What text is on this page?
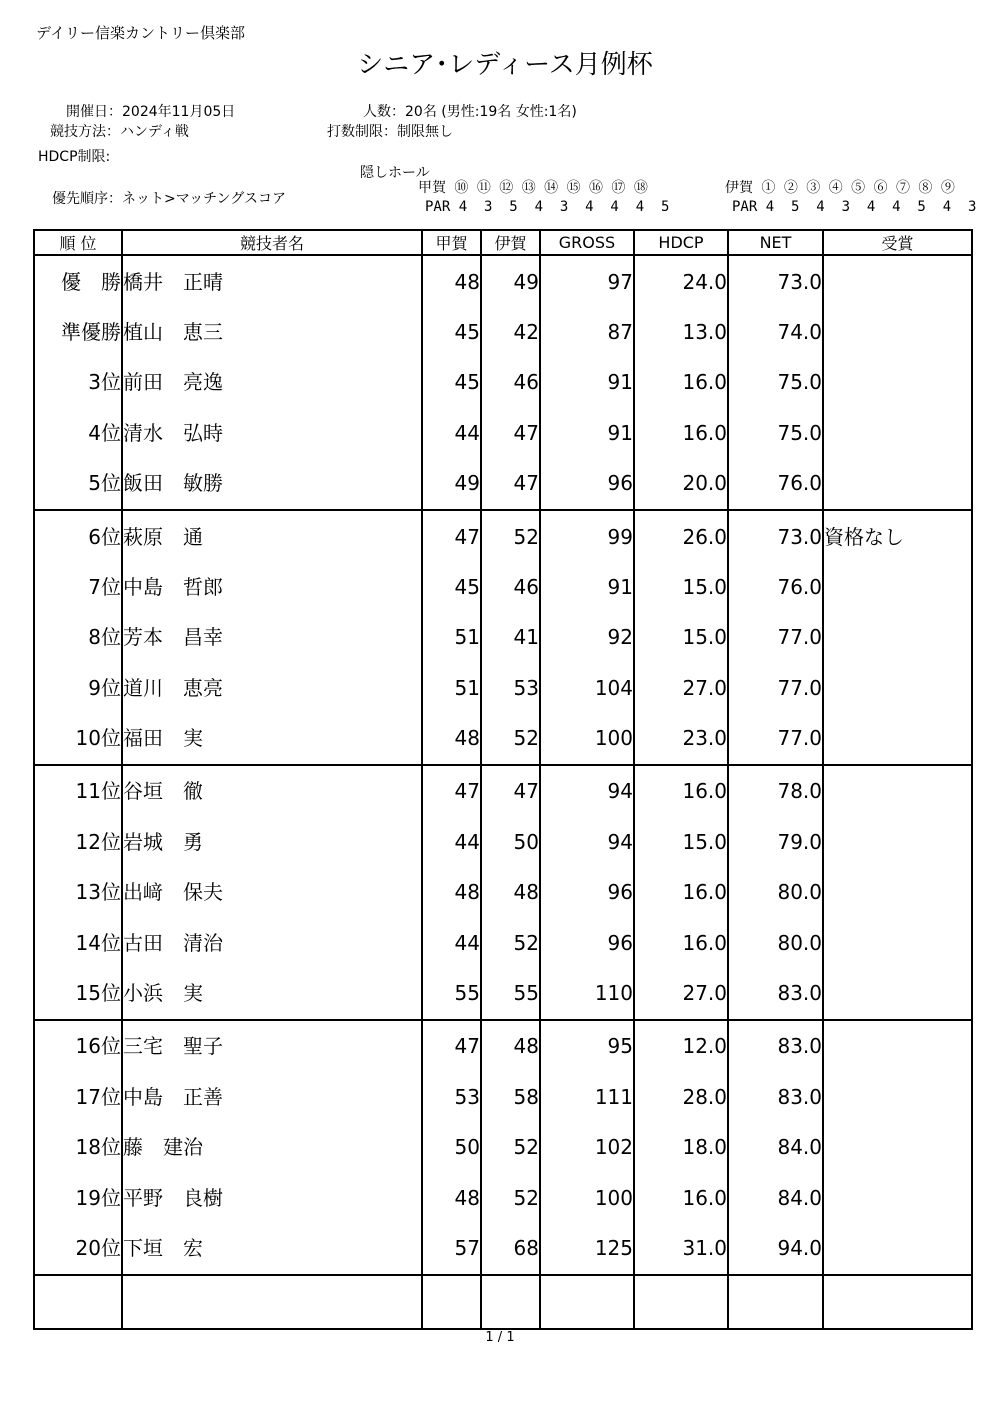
デイリー信楽カントリー倶楽部
シニア･レディース月例杯
開催日： 2024年11月05日
競技方法： ハンディ戦
HDCP制限:
優先順序： ネット>マッチングスコア
人数： 20名 (男性:19名 女性:1名)
打数制限： 制限無し
隠しホール
甲賀 ⑩ ⑪ ⑫ ⑬ ⑭ ⑮ ⑯ ⑰ ⑱
PAR 4  3  5  4  3  4  4  4  5
伊賀 ① ② ③ ④ ⑤ ⑥ ⑦ ⑧ ⑨
PAR 4  5  4  3  4  4  5  4  3
順 位	競技者名	甲賀	伊賀	GROSS	HDCP	NET	受賞
優　勝	橋井　正晴	48	49	97	24.0	73.0	
準優勝	植山　恵三	45	42	87	13.0	74.0	
3位	前田　亮逸	45	46	91	16.0	75.0	
4位	清水　弘時	44	47	91	16.0	75.0	
5位	飯田　敏勝	49	47	96	20.0	76.0	
6位	萩原　通	47	52	99	26.0	73.0	資格なし
7位	中島　哲郎	45	46	91	15.0	76.0	
8位	芳本　昌幸	51	41	92	15.0	77.0	
9位	道川　恵亮	51	53	104	27.0	77.0	
10位	福田　実	48	52	100	23.0	77.0	
11位	谷垣　徹	47	47	94	16.0	78.0	
12位	岩城　勇	44	50	94	15.0	79.0	
13位	出﨑　保夫	48	48	96	16.0	80.0	
14位	古田　清治	44	52	96	16.0	80.0	
15位	小浜　実	55	55	110	27.0	83.0	
16位	三宅　聖子	47	48	95	12.0	83.0	
17位	中島　正善	53	58	111	28.0	83.0	
18位	藤　建治	50	52	102	18.0	84.0	
19位	平野　良樹	48	52	100	16.0	84.0	
20位	下垣　宏	57	68	125	31.0	94.0	

1 / 1
